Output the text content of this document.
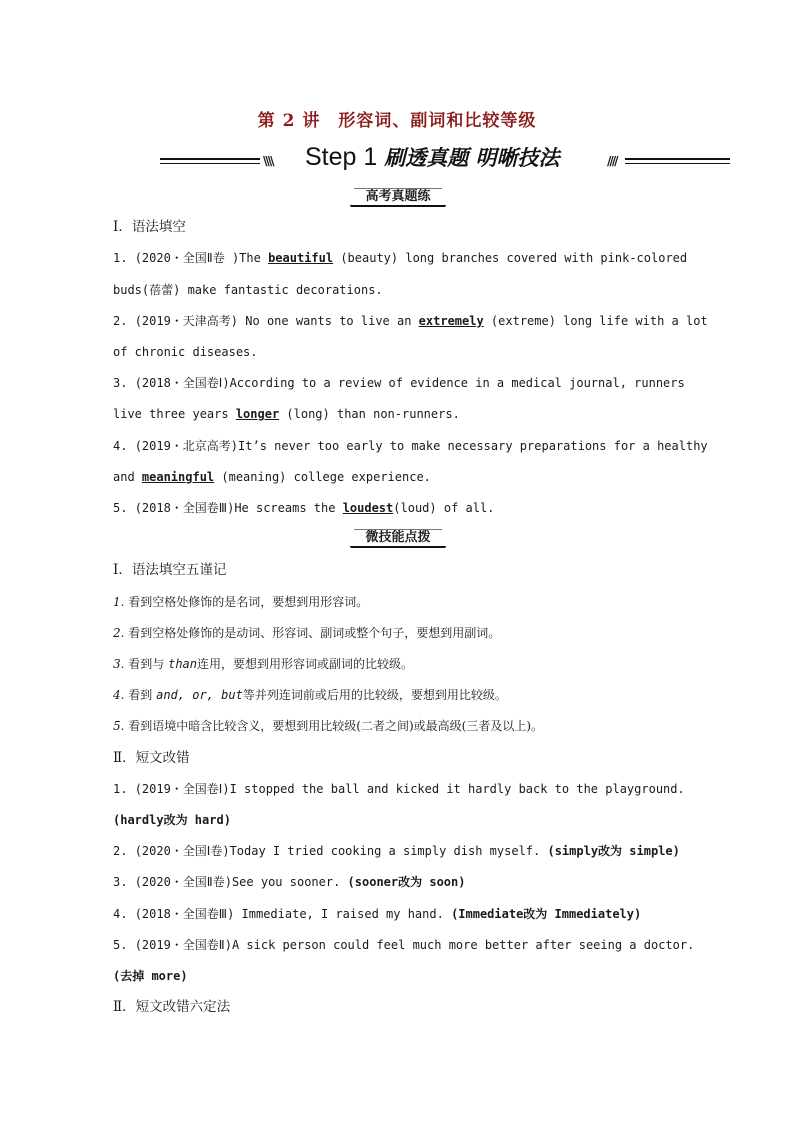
第 2 讲　形容词、副词和比较等级
\\\\ Step 1 刷透真题 明晰技法	////
高考真题练
Ⅰ．语法填空
1. (2020・全国Ⅱ卷 )The beautiful (beauty) long branches covered with pink-colored
buds(蓓蕾) make fantastic decorations.
2. (2019・天津高考) No one wants to live an extremely (extreme) long life with a lot
of chronic diseases.
3. (2018・全国卷Ⅰ)According to a review of evidence in a medical journal, runners
live three years longer (long) than non-runners.
4. (2019・北京高考)It’s never too early to make necessary preparations for a healthy
and meaningful (meaning) college experience.
5. (2018・全国卷Ⅲ)He screams the loudest(loud) of all.
微技能点拨
Ⅰ．语法填空五谨记
1. 看到空格处修饰的是名词，要想到用形容词。
2. 看到空格处修饰的是动词、形容词、副词或整个句子，要想到用副词。
3. 看到与 than连用，要想到用形容词或副词的比较级。
4. 看到 and, or, but等并列连词前或后用的比较级，要想到用比较级。
5. 看到语境中暗含比较含义，要想到用比较级(二者之间)或最高级(三者及以上)。
Ⅱ．短文改错
1. (2019・全国卷Ⅰ)I stopped the ball and kicked it hardly back to the playground.
(hardly改为 hard)
2. (2020・全国Ⅰ卷)Today I tried cooking a simply dish myself. (simply改为 simple)
3. (2020・全国Ⅱ卷)See you sooner. (sooner改为 soon)
4. (2018・全国卷Ⅲ) Immediate, I raised my hand. (Immediate改为 Immediately)
5. (2019・全国卷Ⅱ)A sick person could feel much more better after seeing a doctor.
(去掉 more)
Ⅱ．短文改错六定法
